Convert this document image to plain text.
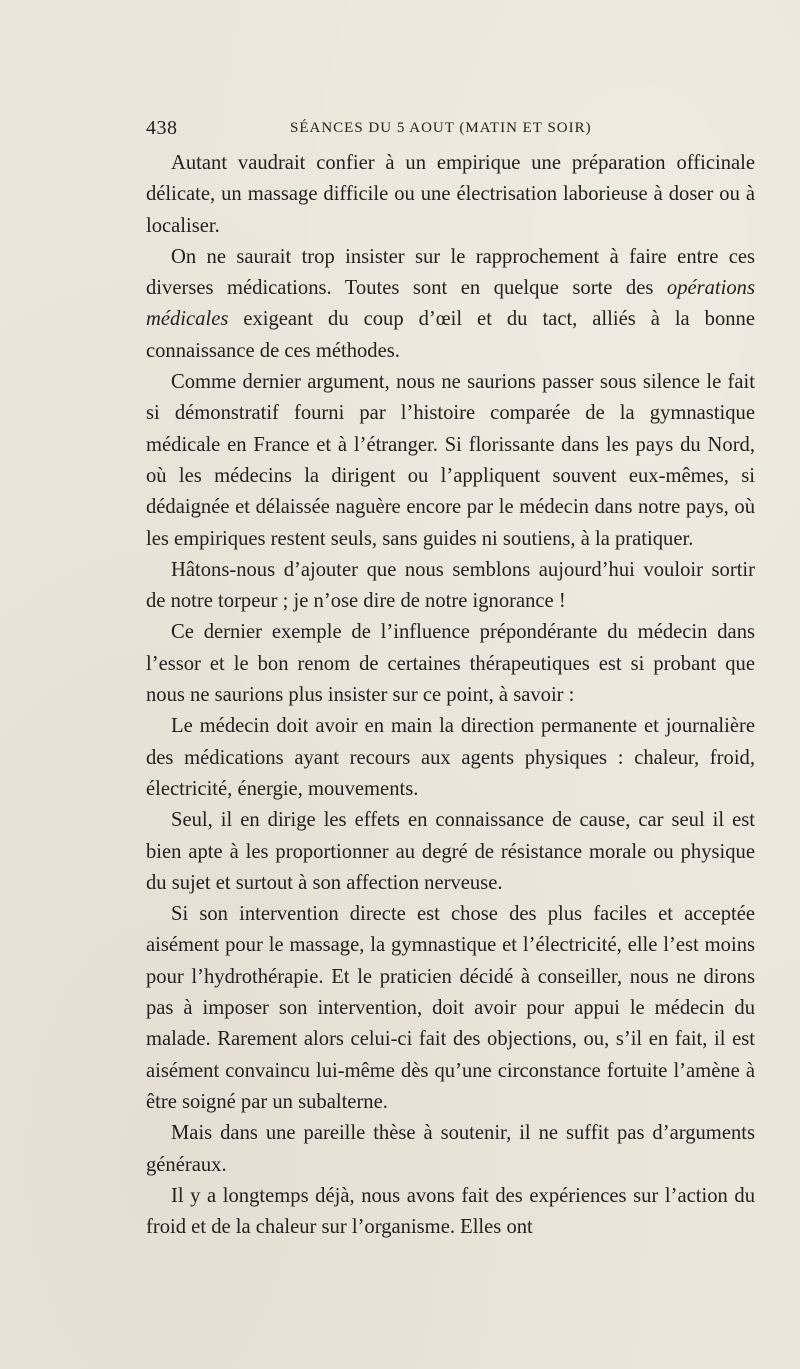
438	SÉANCES DU 5 AOUT (MATIN ET SOIR)

Autant vaudrait confier à un empirique une préparation officinale délicate, un massage difficile ou une électrisation laborieuse à doser ou à localiser.

On ne saurait trop insister sur le rapprochement à faire entre ces diverses médications. Toutes sont en quelque sorte des opérations médicales exigeant du coup d’œil et du tact, alliés à la bonne connaissance de ces méthodes.

Comme dernier argument, nous ne saurions passer sous silence le fait si démonstratif fourni par l’histoire comparée de la gymnastique médicale en France et à l’étranger. Si florissante dans les pays du Nord, où les médecins la dirigent ou l’appliquent souvent eux-mêmes, si dédaignée et délaissée naguère encore par le médecin dans notre pays, où les empiriques restent seuls, sans guides ni soutiens, à la pratiquer.

Hâtons-nous d’ajouter que nous semblons aujourd’hui vouloir sortir de notre torpeur ; je n’ose dire de notre ignorance !

Ce dernier exemple de l’influence prépondérante du médecin dans l’essor et le bon renom de certaines thérapeutiques est si probant que nous ne saurions plus insister sur ce point, à savoir :

Le médecin doit avoir en main la direction permanente et journalière des médications ayant recours aux agents physiques : chaleur, froid, électricité, énergie, mouvements.

Seul, il en dirige les effets en connaissance de cause, car seul il est bien apte à les proportionner au degré de résistance morale ou physique du sujet et surtout à son affection nerveuse.

Si son intervention directe est chose des plus faciles et acceptée aisément pour le massage, la gymnastique et l’électricité, elle l’est moins pour l’hydrothérapie. Et le praticien décidé à conseiller, nous ne dirons pas à imposer son intervention, doit avoir pour appui le médecin du malade. Rarement alors celui-ci fait des objections, ou, s’il en fait, il est aisément convaincu lui-même dès qu’une circonstance fortuite l’amène à être soigné par un subalterne.

Mais dans une pareille thèse à soutenir, il ne suffit pas d’arguments généraux.

Il y a longtemps déjà, nous avons fait des expériences sur l’action du froid et de la chaleur sur l’organisme. Elles ont
